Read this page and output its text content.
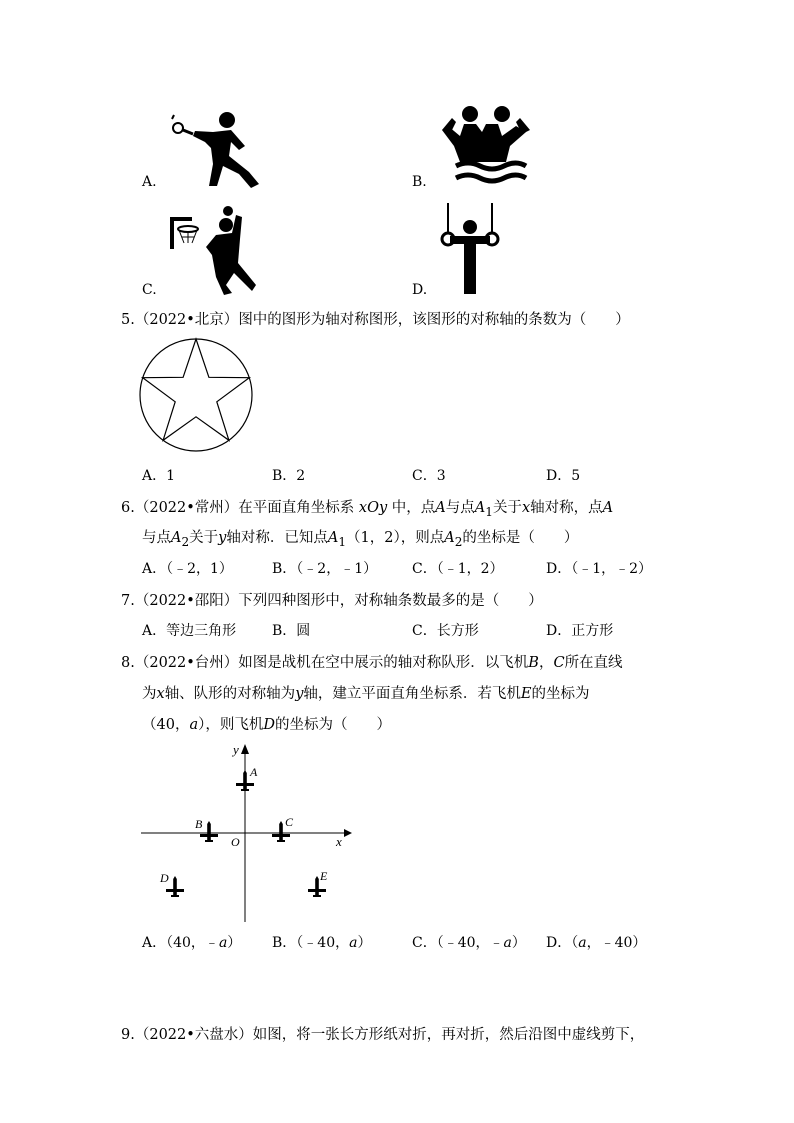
A.	B.
C.	D.
5.（2022•北京）图中的图形为轴对称图形，该图形的对称轴的条数为（　　）
A．1	B．2	C．3	D．5
6.（2022•常州）在平面直角坐标系 xOy 中，点A与点$A_1$关于x轴对称，点A
与点$A_2$关于y轴对称．已知点$A_1(1$，2），则点$A_2$的坐标是（　　）
A．（﹣2，1）	B．（﹣2，﹣1） C．（﹣1，2）	D．（﹣1，﹣2）
7.（2022•邵阳）下列四种图形中，对称轴条数最多的是（　　）
A．等边三角形	B．圆	C．长方形	D．正方形
8.（2022•台州）如图是战机在空中展示的轴对称队形．以飞机B，C所在直线
为x轴、队形的对称轴为y轴，建立平面直角坐标系．若飞机E的坐标为
（40，a），则飞机D的坐标为（　　）
y
x
O
A
B	C
D	E
A．（40，﹣a） B．（﹣40，a）	C．（﹣40，﹣a） D．（a，﹣40）
9.（2022•六盘水）如图，将一张长方形纸对折，再对折，然后沿图中虚线剪下，
